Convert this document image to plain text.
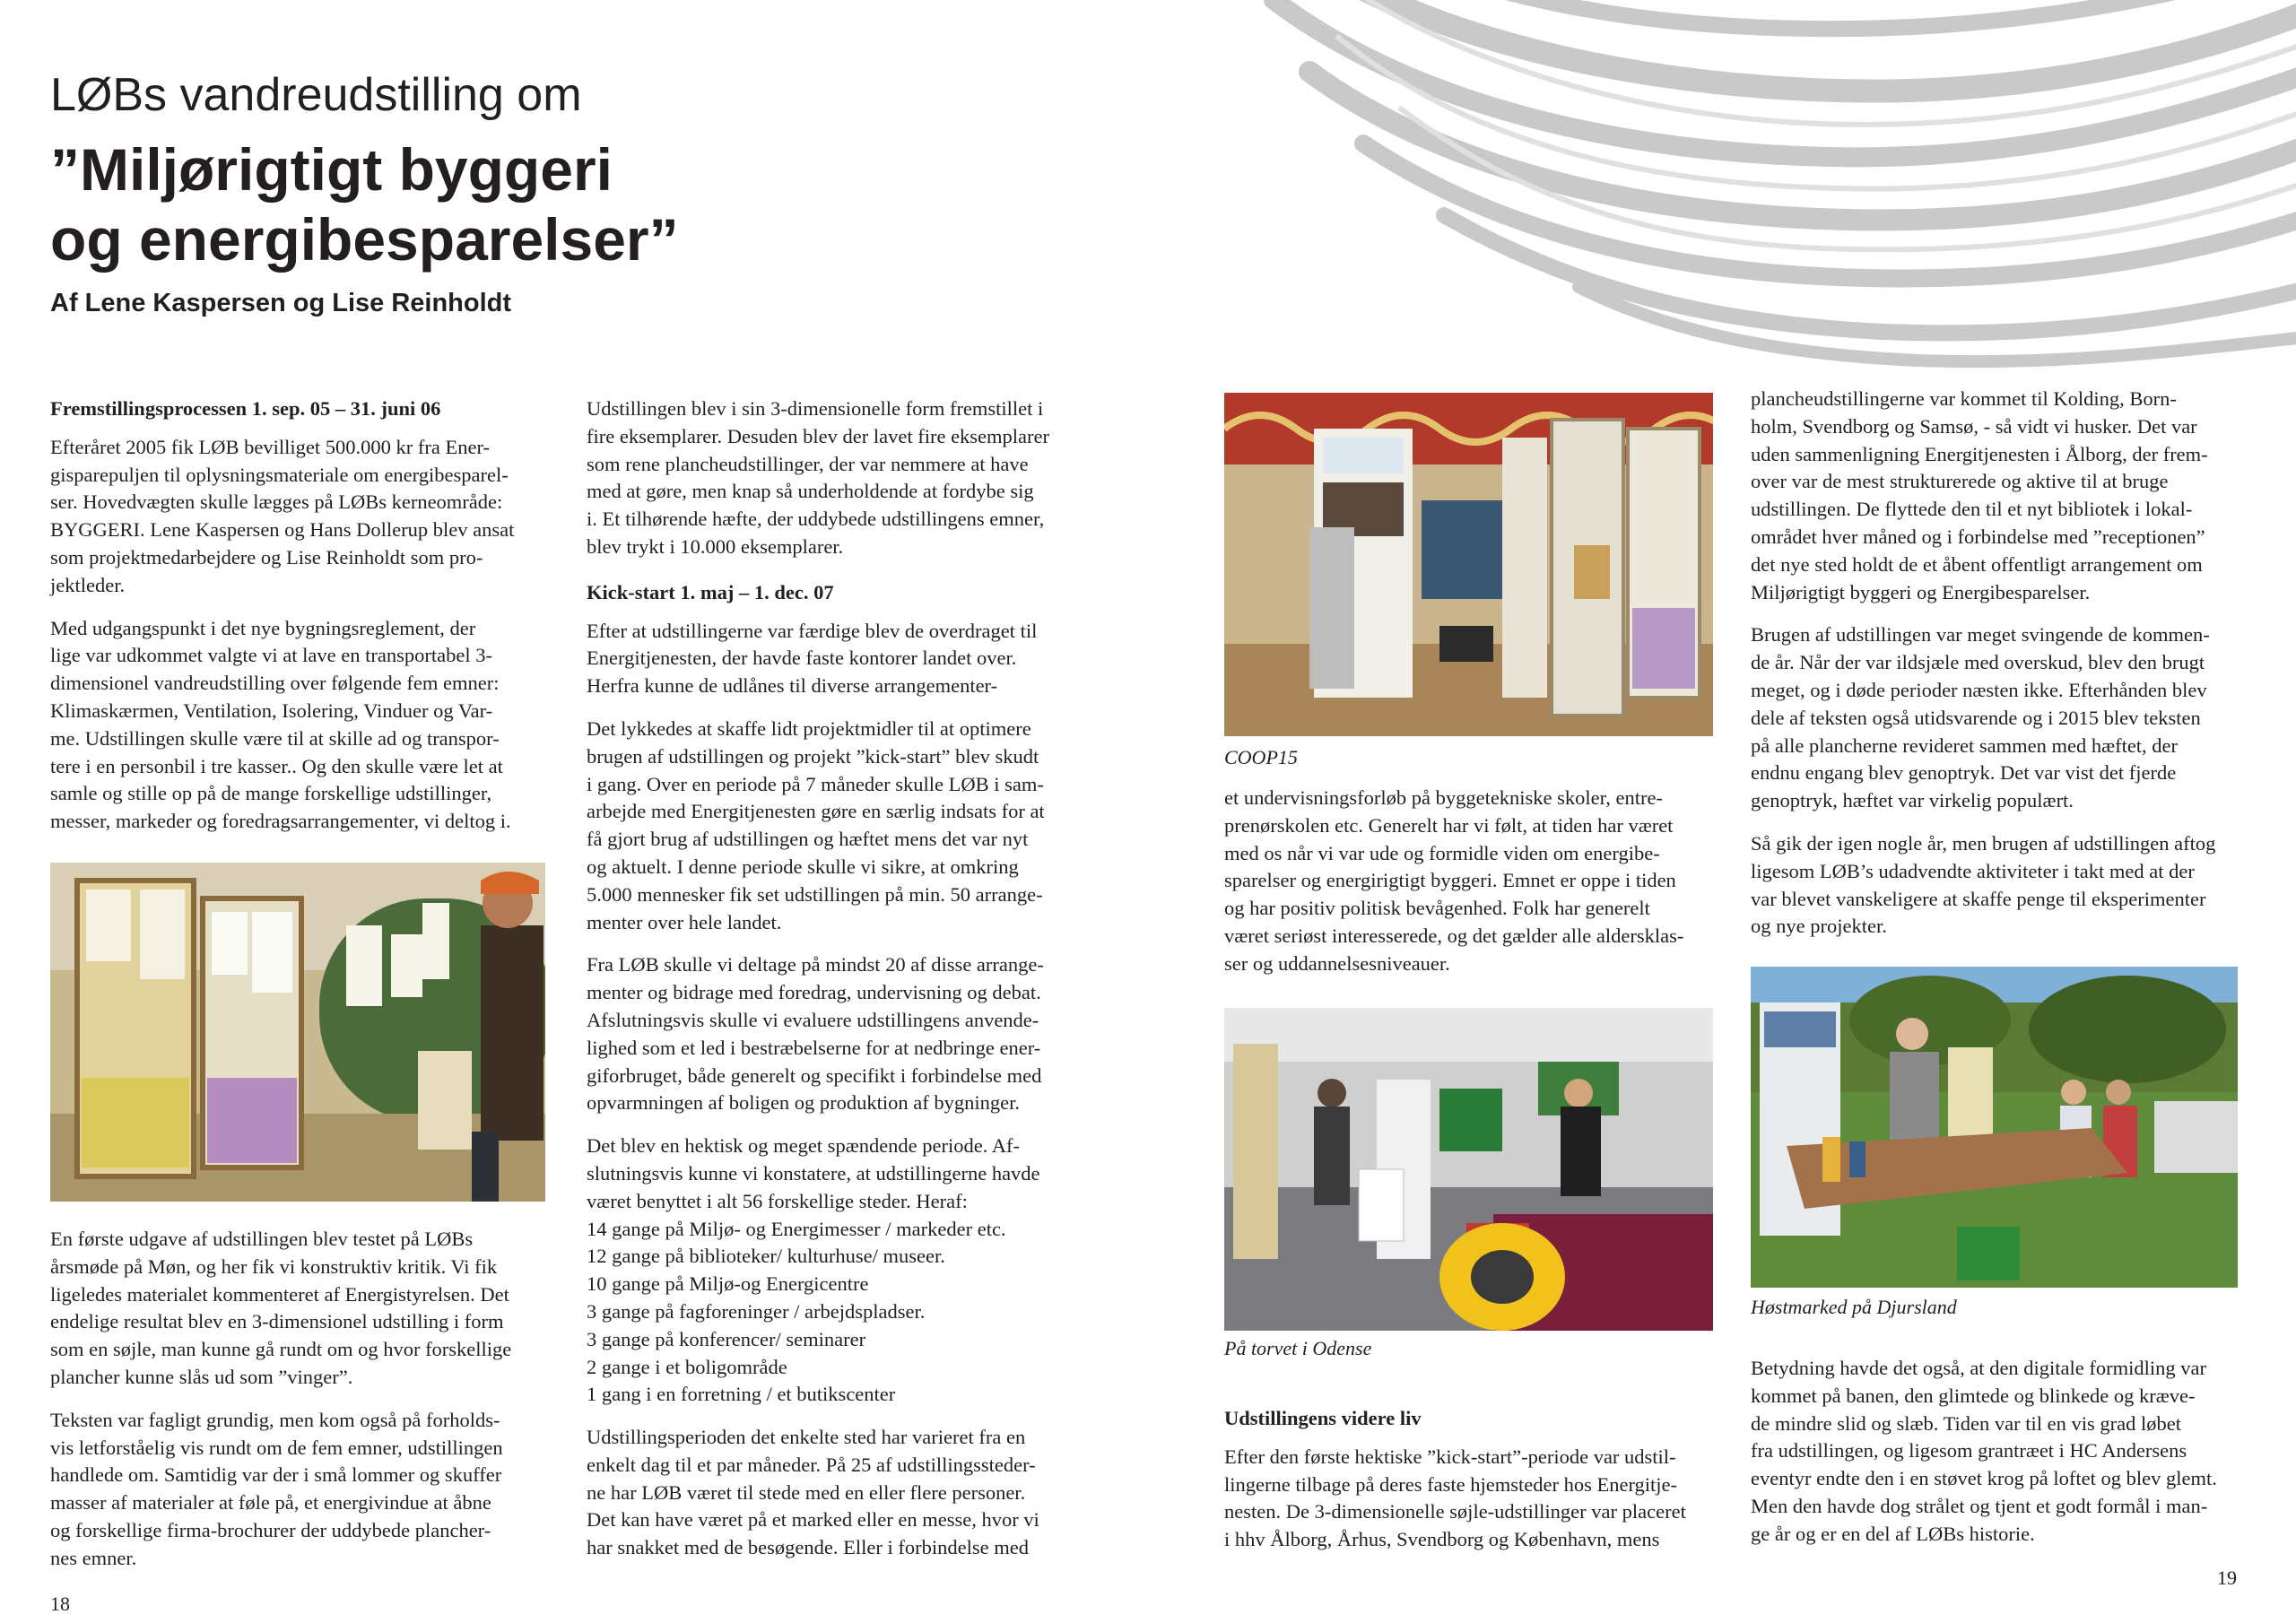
LØBs vandreudstilling om
”Miljørigtigt byggeri
og energibesparelser”
Af Lene Kaspersen og Lise Reinholdt

Fremstillingsprocessen 1. sep. 05 – 31. juni 06

Efteråret 2005 fik LØB bevilliget 500.000 kr fra Ener-
gisparepuljen til oplysningsmateriale om energibesparel-
ser. Hovedvægten skulle lægges på LØBs kerneområde:
BYGGERI. Lene Kaspersen og Hans Dollerup blev ansat
som projektmedarbejdere og Lise Reinholdt som pro-
jektleder.

Med udgangspunkt i det nye bygningsreglement, der
lige var udkommet valgte vi at lave en transportabel 3-
dimensionel vandreudstilling over følgende fem emner:
Klimaskærmen, Ventilation, Isolering, Vinduer og Var-
me. Udstillingen skulle være til at skille ad og transpor-
tere i en personbil i tre kasser.. Og den skulle være let at
samle og stille op på de mange forskellige udstillinger,
messer, markeder og foredragsarrangementer, vi deltog i.

En første udgave af udstillingen blev testet på LØBs
årsmøde på Møn, og her fik vi konstruktiv kritik. Vi fik
ligeledes materialet kommenteret af Energistyrelsen. Det
endelige resultat blev en 3-dimensionel udstilling i form
som en søjle, man kunne gå rundt om og hvor forskellige
plancher kunne slås ud som ”vinger”.

Teksten var fagligt grundig, men kom også på forholds-
vis letforståelig vis rundt om de fem emner, udstillingen
handlede om. Samtidig var der i små lommer og skuffer
masser af materialer at føle på, et energivindue at åbne
og forskellige firma-brochurer der uddybede plancher-
nes emner.

Udstillingen blev i sin 3-dimensionelle form fremstillet i
fire eksemplarer. Desuden blev der lavet fire eksemplarer
som rene plancheudstillinger, der var nemmere at have
med at gøre, men knap så underholdende at fordybe sig
i. Et tilhørende hæfte, der uddybede udstillingens emner,
blev trykt i 10.000 eksemplarer.

Kick-start 1. maj – 1. dec. 07

Efter at udstillingerne var færdige blev de overdraget til
Energitjenesten, der havde faste kontorer landet over.
Herfra kunne de udlånes til diverse arrangementer-

Det lykkedes at skaffe lidt projektmidler til at optimere
brugen af udstillingen og projekt ”kick-start” blev skudt
i gang. Over en periode på 7 måneder skulle LØB i sam-
arbejde med Energitjenesten gøre en særlig indsats for at
få gjort brug af udstillingen og hæftet mens det var nyt
og aktuelt. I denne periode skulle vi sikre, at omkring
5.000 mennesker fik set udstillingen på min. 50 arrange-
menter over hele landet.

Fra LØB skulle vi deltage på mindst 20 af disse arrange-
menter og bidrage med foredrag, undervisning og debat.
Afslutningsvis skulle vi evaluere udstillingens anvende-
lighed som et led i bestræbelserne for at nedbringe ener-
giforbruget, både generelt og specifikt i forbindelse med
opvarmningen af boligen og produktion af bygninger.

Det blev en hektisk og meget spændende periode. Af-
slutningsvis kunne vi konstatere, at udstillingerne havde
været benyttet i alt 56 forskellige steder. Heraf:
14 gange på Miljø- og Energimesser / markeder etc.
12 gange på biblioteker/ kulturhuse/ museer.
10 gange på Miljø-og Energicentre
3 gange på fagforeninger / arbejdspladser.
3 gange på konferencer/ seminarer
2 gange i et boligområde
1 gang i en forretning / et butikscenter

Udstillingsperioden det enkelte sted har varieret fra en
enkelt dag til et par måneder. På 25 af udstillingssteder-
ne har LØB været til stede med en eller flere personer.
Det kan have været på et marked eller en messe, hvor vi
har snakket med de besøgende. Eller i forbindelse med

COOP15

et undervisningsforløb på byggetekniske skoler, entre-
prenørskolen etc. Generelt har vi følt, at tiden har været
med os når vi var ude og formidle viden om energibe-
sparelser og energirigtigt byggeri. Emnet er oppe i tiden
og har positiv politisk bevågenhed. Folk har generelt
været seriøst interesserede, og det gælder alle aldersklas-
ser og uddannelsesniveauer.

På torvet i Odense

Udstillingens videre liv

Efter den første hektiske ”kick-start”-periode var udstil-
lingerne tilbage på deres faste hjemsteder hos Energitje-
nesten. De 3-dimensionelle søjle-udstillinger var placeret
i hhv Ålborg, Århus, Svendborg og København, mens

plancheudstillingerne var kommet til Kolding, Born-
holm, Svendborg og Samsø, - så vidt vi husker. Det var
uden sammenligning Energitjenesten i Ålborg, der frem-
over var de mest strukturerede og aktive til at bruge
udstillingen. De flyttede den til et nyt bibliotek i lokal-
området hver måned og i forbindelse med ”receptionen”
det nye sted holdt de et åbent offentligt arrangement om
Miljørigtigt byggeri og Energibesparelser.

Brugen af udstillingen var meget svingende de kommen-
de år. Når der var ildsjæle med overskud, blev den brugt
meget, og i døde perioder næsten ikke. Efterhånden blev
dele af teksten også utidsvarende og i 2015 blev teksten
på alle plancherne revideret sammen med hæftet, der
endnu engang blev genoptryk. Det var vist det fjerde
genoptryk, hæftet var virkelig populært.

Så gik der igen nogle år, men brugen af udstillingen aftog
ligesom LØB’s udadvendte aktiviteter i takt med at der
var blevet vanskeligere at skaffe penge til eksperimenter
og nye projekter.

Høstmarked på Djursland

Betydning havde det også, at den digitale formidling var
kommet på banen, den glimtede og blinkede og kræve-
de mindre slid og slæb. Tiden var til en vis grad løbet
fra udstillingen, og ligesom grantræet i HC Andersens
eventyr endte den i en støvet krog på loftet og blev glemt.
Men den havde dog strålet og tjent et godt formål i man-
ge år og er en del af LØBs historie.

18
19
